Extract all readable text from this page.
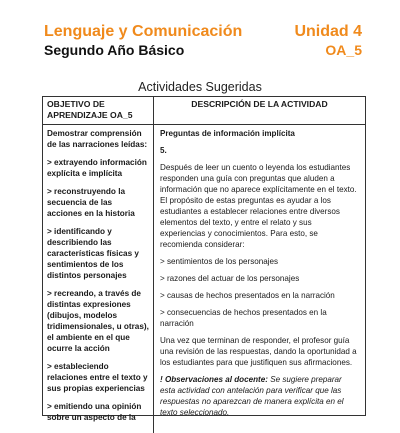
Lenguaje y Comunicación	Unidad 4
Segundo Año Básico	OA_5
Actividades Sugeridas
OBJETIVO DE APRENDIZAJE OA_5
DESCRIPCIÓN DE LA ACTIVIDAD

Demostrar comprensión de las narraciones leídas:

> extrayendo información explícita e implícita

> reconstruyendo la secuencia de las acciones en la historia

> identificando y describiendo las características físicas y sentimientos de los distintos personajes

> recreando, a través de distintas expresiones (dibujos, modelos tridimensionales, u otras), el ambiente en el que ocurre la acción

> estableciendo relaciones entre el texto y sus propias experiencias

> emitiendo una opinión sobre un aspecto de la

Preguntas de información implícita

5.

Después de leer un cuento o leyenda los estudiantes responden una guía con preguntas que aluden a información que no aparece explícitamente en el texto. El propósito de estas preguntas es ayudar a los estudiantes a establecer relaciones entre diversos elementos del texto, y entre el relato y sus experiencias y conocimientos. Para esto, se recomienda considerar:

> sentimientos de los personajes

> razones del actuar de los personajes

> causas de hechos presentados en la narración

> consecuencias de hechos presentados en la narración

Una vez que terminan de responder, el profesor guía una revisión de las respuestas, dando la oportunidad a los estudiantes para que justifiquen sus afirmaciones.

! Observaciones al docente: Se sugiere preparar esta actividad con antelación para verificar que las respuestas no aparezcan de manera explícita en el texto seleccionado.
